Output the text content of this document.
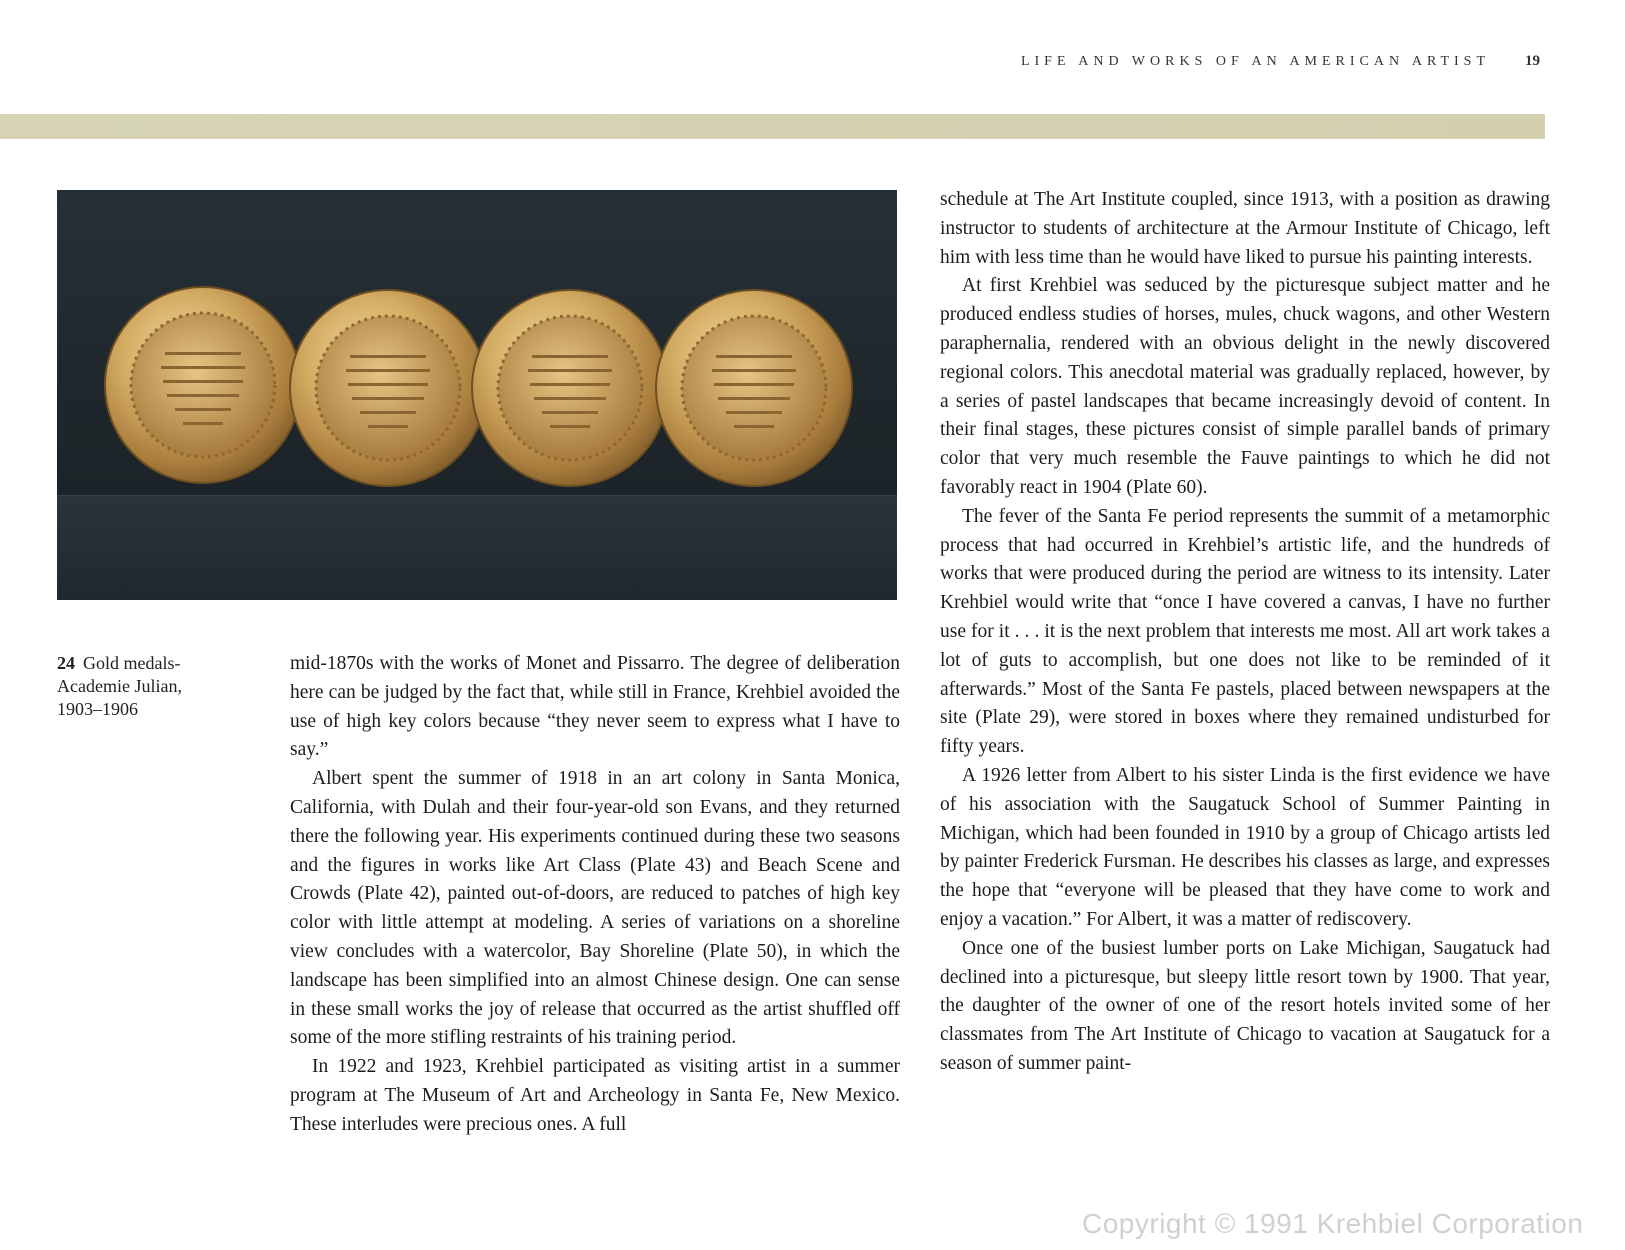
LIFE AND WORKS OF AN AMERICAN ARTIST 19
24 Gold medals-
Academie Julian,
1903–1906

mid-1870s with the works of Monet and Pissarro. The degree of deliberation here can be judged by the fact that, while still in France, Krehbiel avoided the use of high key colors because “they never seem to express what I have to say.”

Albert spent the summer of 1918 in an art colony in Santa Monica, California, with Dulah and their four-year-old son Evans, and they returned there the following year. His experiments continued during these two seasons and the figures in works like Art Class (Plate 43) and Beach Scene and Crowds (Plate 42), painted out-of-doors, are reduced to patches of high key color with little attempt at modeling. A series of variations on a shoreline view concludes with a watercolor, Bay Shoreline (Plate 50), in which the landscape has been simplified into an almost Chinese design. One can sense in these small works the joy of release that occurred as the artist shuffled off some of the more stifling restraints of his training period.

In 1922 and 1923, Krehbiel participated as visiting artist in a summer program at The Museum of Art and Archeology in Santa Fe, New Mexico. These interludes were precious ones. A full

schedule at The Art Institute coupled, since 1913, with a position as drawing instructor to students of architecture at the Armour Institute of Chicago, left him with less time than he would have liked to pursue his painting interests.

At first Krehbiel was seduced by the picturesque subject matter and he produced endless studies of horses, mules, chuck wagons, and other Western paraphernalia, rendered with an obvious delight in the newly discovered regional colors. This anecdotal material was gradually replaced, however, by a series of pastel landscapes that became increasingly devoid of content. In their final stages, these pictures consist of simple parallel bands of primary color that very much resemble the Fauve paintings to which he did not favorably react in 1904 (Plate 60).

The fever of the Santa Fe period represents the summit of a metamorphic process that had occurred in Krehbiel’s artistic life, and the hundreds of works that were produced during the period are witness to its intensity. Later Krehbiel would write that “once I have covered a canvas, I have no further use for it . . . it is the next problem that interests me most. All art work takes a lot of guts to accomplish, but one does not like to be reminded of it afterwards.” Most of the Santa Fe pastels, placed between newspapers at the site (Plate 29), were stored in boxes where they remained undisturbed for fifty years.

A 1926 letter from Albert to his sister Linda is the first evidence we have of his association with the Saugatuck School of Summer Painting in Michigan, which had been founded in 1910 by a group of Chicago artists led by painter Frederick Fursman. He describes his classes as large, and expresses the hope that “everyone will be pleased that they have come to work and enjoy a vacation.” For Albert, it was a matter of rediscovery.

Once one of the busiest lumber ports on Lake Michigan, Saugatuck had declined into a picturesque, but sleepy little resort town by 1900. That year, the daughter of the owner of one of the resort hotels invited some of her classmates from The Art Institute of Chicago to vacation at Saugatuck for a season of summer paint-

Copyright © 1991 Krehbiel Corporation
